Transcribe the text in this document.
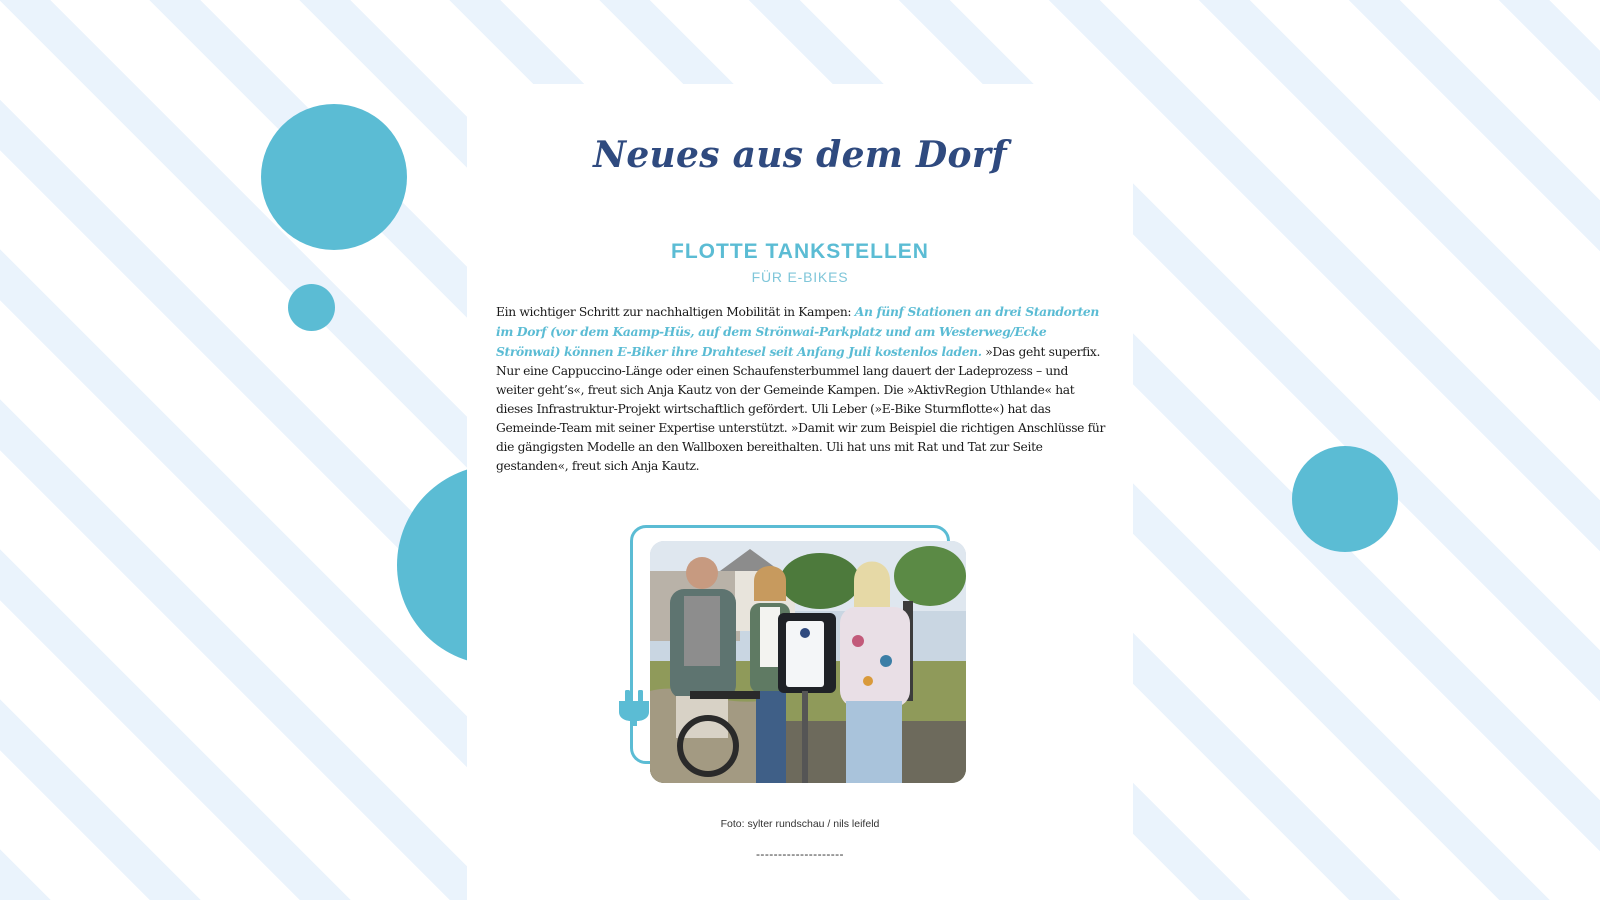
Neues aus dem Dorf
FLOTTE TANKSTELLEN
FÜR E-BIKES

Ein wichtiger Schritt zur nachhaltigen Mobilität in Kampen: An fünf Stationen an drei Standorten im Dorf (vor dem Kaamp-Hüs, auf dem Strönwai-Parkplatz und am Westerweg/Ecke Strönwai) können E-Biker ihre Drahtesel seit Anfang Juli kostenlos laden. »Das geht superfix. Nur eine Cappuccino-Länge oder einen Schaufensterbummel lang dauert der Ladeprozess – und weiter geht’s«, freut sich Anja Kautz von der Gemeinde Kampen. Die »AktivRegion Uthlande« hat dieses Infrastruktur-Projekt wirtschaftlich gefördert. Uli Leber (»E-Bike Sturmflotte«) hat das Gemeinde-Team mit seiner Expertise unterstützt. »Damit wir zum Beispiel die richtigen Anschlüsse für die gängigsten Modelle an den Wallboxen bereithalten. Uli hat uns mit Rat und Tat zur Seite gestanden«, freut sich Anja Kautz.

Foto: sylter rundschau / nils leifeld
--------------------
